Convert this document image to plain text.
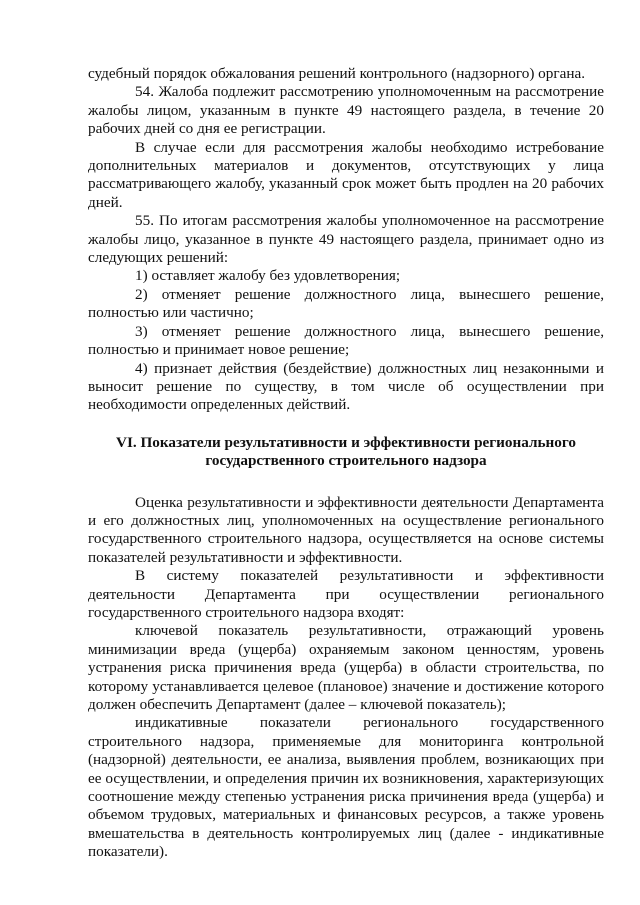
судебный порядок обжалования решений контрольного (надзорного) органа.

54. Жалоба подлежит рассмотрению уполномоченным на рассмотрение жалобы лицом, указанным в пункте 49 настоящего раздела, в течение 20 рабочих дней со дня ее регистрации.

В случае если для рассмотрения жалобы необходимо истребование дополнительных материалов и документов, отсутствующих у лица рассматривающего жалобу, указанный срок может быть продлен на 20 рабочих дней.

55. По итогам рассмотрения жалобы уполномоченное на рассмотрение жалобы лицо, указанное в пункте 49 настоящего раздела, принимает одно из следующих решений:

1) оставляет жалобу без удовлетворения;

2) отменяет решение должностного лица, вынесшего решение, полностью или частично;

3) отменяет решение должностного лица, вынесшего решение, полностью и принимает новое решение;

4) признает действия (бездействие) должностных лиц незаконными и выносит решение по существу, в том числе об осуществлении при необходимости определенных действий.

VI. Показатели результативности и эффективности регионального
государственного строительного надзора

Оценка результативности и эффективности деятельности Департамента и его должностных лиц, уполномоченных на осуществление регионального государственного строительного надзора, осуществляется на основе системы показателей результативности и эффективности.

В систему показателей результативности и эффективности деятельности Департамента при осуществлении регионального государственного строительного надзора входят:

ключевой показатель результативности, отражающий уровень минимизации вреда (ущерба) охраняемым законом ценностям, уровень устранения риска причинения вреда (ущерба) в области строительства, по которому устанавливается целевое (плановое) значение и достижение которого должен обеспечить Департамент (далее – ключевой показатель);

индикативные показатели регионального государственного строительного надзора, применяемые для мониторинга контрольной (надзорной) деятельности, ее анализа, выявления проблем, возникающих при ее осуществлении, и определения причин их возникновения, характеризующих соотношение между степенью устранения риска причинения вреда (ущерба) и объемом трудовых, материальных и финансовых ресурсов, а также уровень вмешательства в деятельность контролируемых лиц (далее - индикативные показатели).
